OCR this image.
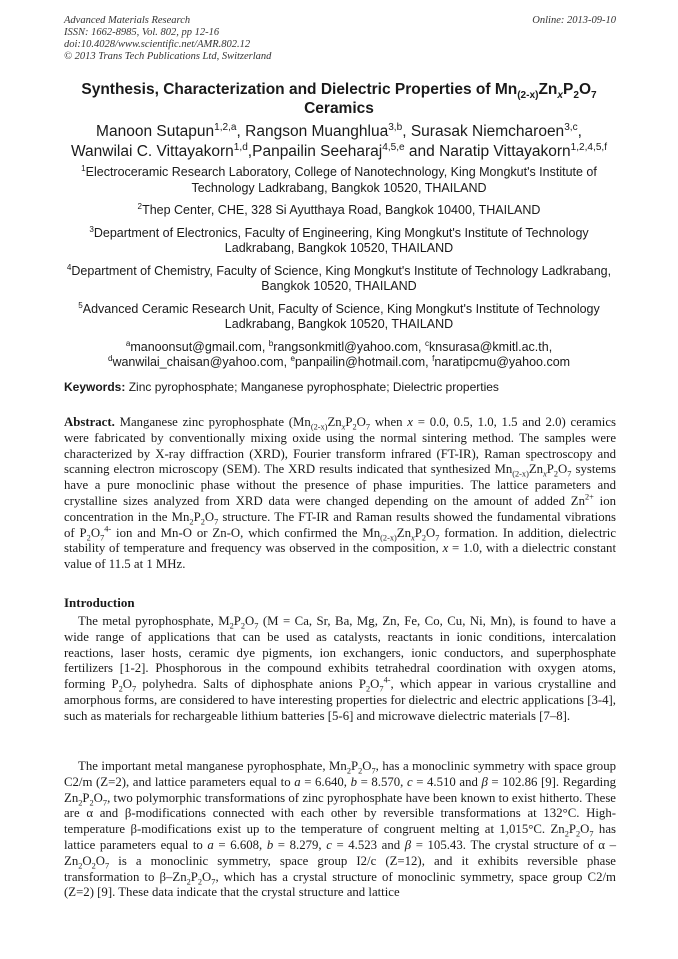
Advanced Materials Research
ISSN: 1662-8985, Vol. 802, pp 12-16
doi:10.4028/www.scientific.net/AMR.802.12
© 2013 Trans Tech Publications Ltd, Switzerland
Online: 2013-09-10
Synthesis, Characterization and Dielectric Properties of $Mn_{(2-x)}Zn_xP_2O_7$
Ceramics
Manoon Sutapun$^{1,2,a}$, Rangson Muanghlua$^{3,b}$, Surasak Niemcharoen$^{3,c}$,
Wanwilai C. Vittayakorn$^{1,d}$,Panpailin Seeharaj$^{4,5,e}$ and Naratip Vittayakorn$^{1,2,4,5,f}$
$^1$Electroceramic Research Laboratory, College of Nanotechnology, King Mongkut's Institute of Technology Ladkrabang, Bangkok 10520, THAILAND
$^2$Thep Center, CHE, 328 Si Ayutthaya Road, Bangkok 10400, THAILAND
$^3$Department of Electronics, Faculty of Engineering, King Mongkut's Institute of Technology Ladkrabang, Bangkok 10520, THAILAND
$^4$Department of Chemistry, Faculty of Science, King Mongkut's Institute of Technology Ladkrabang, Bangkok 10520, THAILAND
$^5$Advanced Ceramic Research Unit, Faculty of Science, King Mongkut's Institute of Technology Ladkrabang, Bangkok 10520, THAILAND
$^a$manoonsut@gmail.com, $^b$rangsonkmitl@yahoo.com, $^c$knsurasa@kmitl.ac.th,
$^d$wanwilai_chaisan@yahoo.com, $^e$panpailin@hotmail.com, $^f$naratipcmu@yahoo.com
Keywords: Zinc pyrophosphate; Manganese pyrophosphate; Dielectric properties
Abstract. Manganese zinc pyrophosphate ($Mn_{(2-x)}Zn_xP_2O_7$ when x = 0.0, 0.5, 1.0, 1.5 and 2.0) ceramics were fabricated by conventionally mixing oxide using the normal sintering method. The samples were characterized by X-ray diffraction (XRD), Fourier transform infrared (FT-IR), Raman spectroscopy and scanning electron microscopy (SEM). The XRD results indicated that synthesized $Mn_{(2-x)}Zn_xP_2O_7$ systems have a pure monoclinic phase without the presence of phase impurities. The lattice parameters and crystalline sizes analyzed from XRD data were changed depending on the amount of added $Zn^{2+}$ ion concentration in the $Mn_2P_2O_7$ structure. The FT-IR and Raman results showed the fundamental vibrations of $P_2O_7^{4-}$ ion and Mn-O or Zn-O, which confirmed the $Mn_{(2-x)}Zn_xP_2O_7$ formation. In addition, dielectric stability of temperature and frequency was observed in the composition, x = 1.0, with a dielectric constant value of 11.5 at 1 MHz.
Introduction
The metal pyrophosphate, $M_2P_2O_7$ (M = Ca, Sr, Ba, Mg, Zn, Fe, Co, Cu, Ni, Mn), is found to have a wide range of applications that can be used as catalysts, reactants in ionic conditions, intercalation reactions, laser hosts, ceramic dye pigments, ion exchangers, ionic conductors, and superphosphate fertilizers [1-2]. Phosphorous in the compound exhibits tetrahedral coordination with oxygen atoms, forming $P_2O_7$ polyhedra. Salts of diphosphate anions $P_2O_7^{4-}$, which appear in various crystalline and amorphous forms, are considered to have interesting properties for dielectric and electric applications [3-4], such as materials for rechargeable lithium batteries [5-6] and microwave dielectric materials [7–8].
The important metal manganese pyrophosphate, $Mn_2P_2O_7$, has a monoclinic symmetry with space group C2/m (Z=2), and lattice parameters equal to a = 6.640, b = 8.570, c = 4.510 and β = 102.86 [9]. Regarding $Zn_2P_2O_7$, two polymorphic transformations of zinc pyrophosphate have been known to exist hitherto. These are α and β-modifications connected with each other by reversible transformations at 132°C. High-temperature β-modifications exist up to the temperature of congruent melting at 1,015°C. $Zn_2P_2O_7$ has lattice parameters equal to a = 6.608, b = 8.279, c = 4.523 and β = 105.43. The crystal structure of α – $Zn_2O_2O_7$ is a monoclinic symmetry, space group I2/c (Z=12), and it exhibits reversible phase transformation to $\beta-Zn_2P_2O_7$, which has a crystal structure of monoclinic symmetry, space group C2/m (Z=2) [9]. These data indicate that the crystal structure and lattice
